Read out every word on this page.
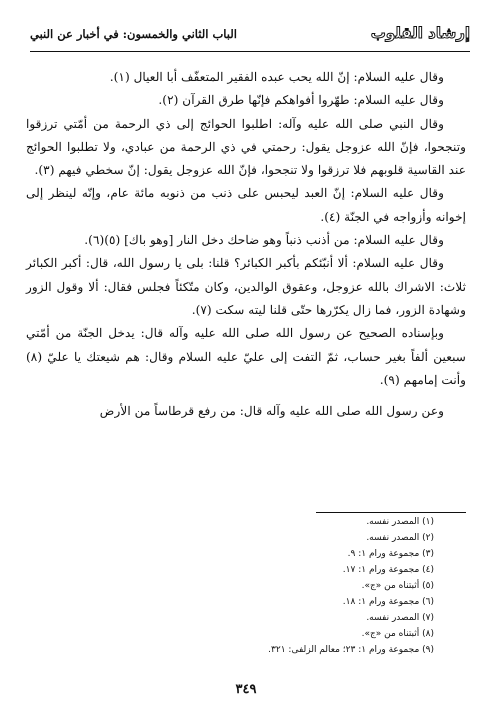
إرشاد القلوب
الباب الثاني والخمسون: في أخبار عن النبي

وقال عليه السلام: إنّ الله يحب عبده الفقير المتعفّف أبا العيال (١).

وقال عليه السلام: طهّروا أفواهكم فإنّها طرق القرآن (٢).

وقال النبي صلى الله عليه وآله: اطلبوا الحوائج إلى ذي الرحمة من أمّتي ترزقوا وتنجحوا، فإنّ الله عزوجل يقول: رحمتي في ذي الرحمة من عبادي، ولا تطلبوا الحوائج عند القاسية قلوبهم فلا ترزقوا ولا تنجحوا، فإنّ الله عزوجل يقول: إنّ سخطي فيهم (٣).

وقال عليه السلام: إنّ العبد ليحبس على ذنب من ذنوبه مائة عام، وإنّه لينظر إلى إخوانه وأزواجه في الجنّة (٤).

وقال عليه السلام: من أذنب ذنباً وهو ضاحك دخل النار [وهو باك] (٥)(٦).

وقال عليه السلام: ألا أنبّئكم بأكبر الكبائر؟ قلنا: بلى يا رسول الله، قال: أكبر الكبائر ثلاث: الاشراك بالله عزوجل، وعقوق الوالدين، وكان متّكئاً فجلس فقال: ألا وقول الزور وشهادة الزور، فما زال يكرّرها حتّى قلنا ليته سكت (٧).

وبإسناده الصحيح عن رسول الله صلى الله عليه وآله قال: يدخل الجنّة من أمّتي سبعين ألفاً بغير حساب، ثمّ التفت إلى عليّ عليه السلام وقال: هم شيعتك يا عليّ (٨) وأنت إمامهم (٩).

وعن رسول الله صلى الله عليه وآله قال: من رفع قرطاساً من الأرض

(١) المصدر نفسه.
(٢) المصدر نفسه.
(٣) مجموعة ورام ١: ٩.
(٤) مجموعة ورام ١: ١٧.
(٥) أثبتناه من «ج».
(٦) مجموعة ورام ١: ١٨.
(٧) المصدر نفسه.
(٨) أثبتناه من «ج».
(٩) مجموعة ورام ١: ٢٣؛ معالم الزلفى: ٣٢١.
٣٤٩
